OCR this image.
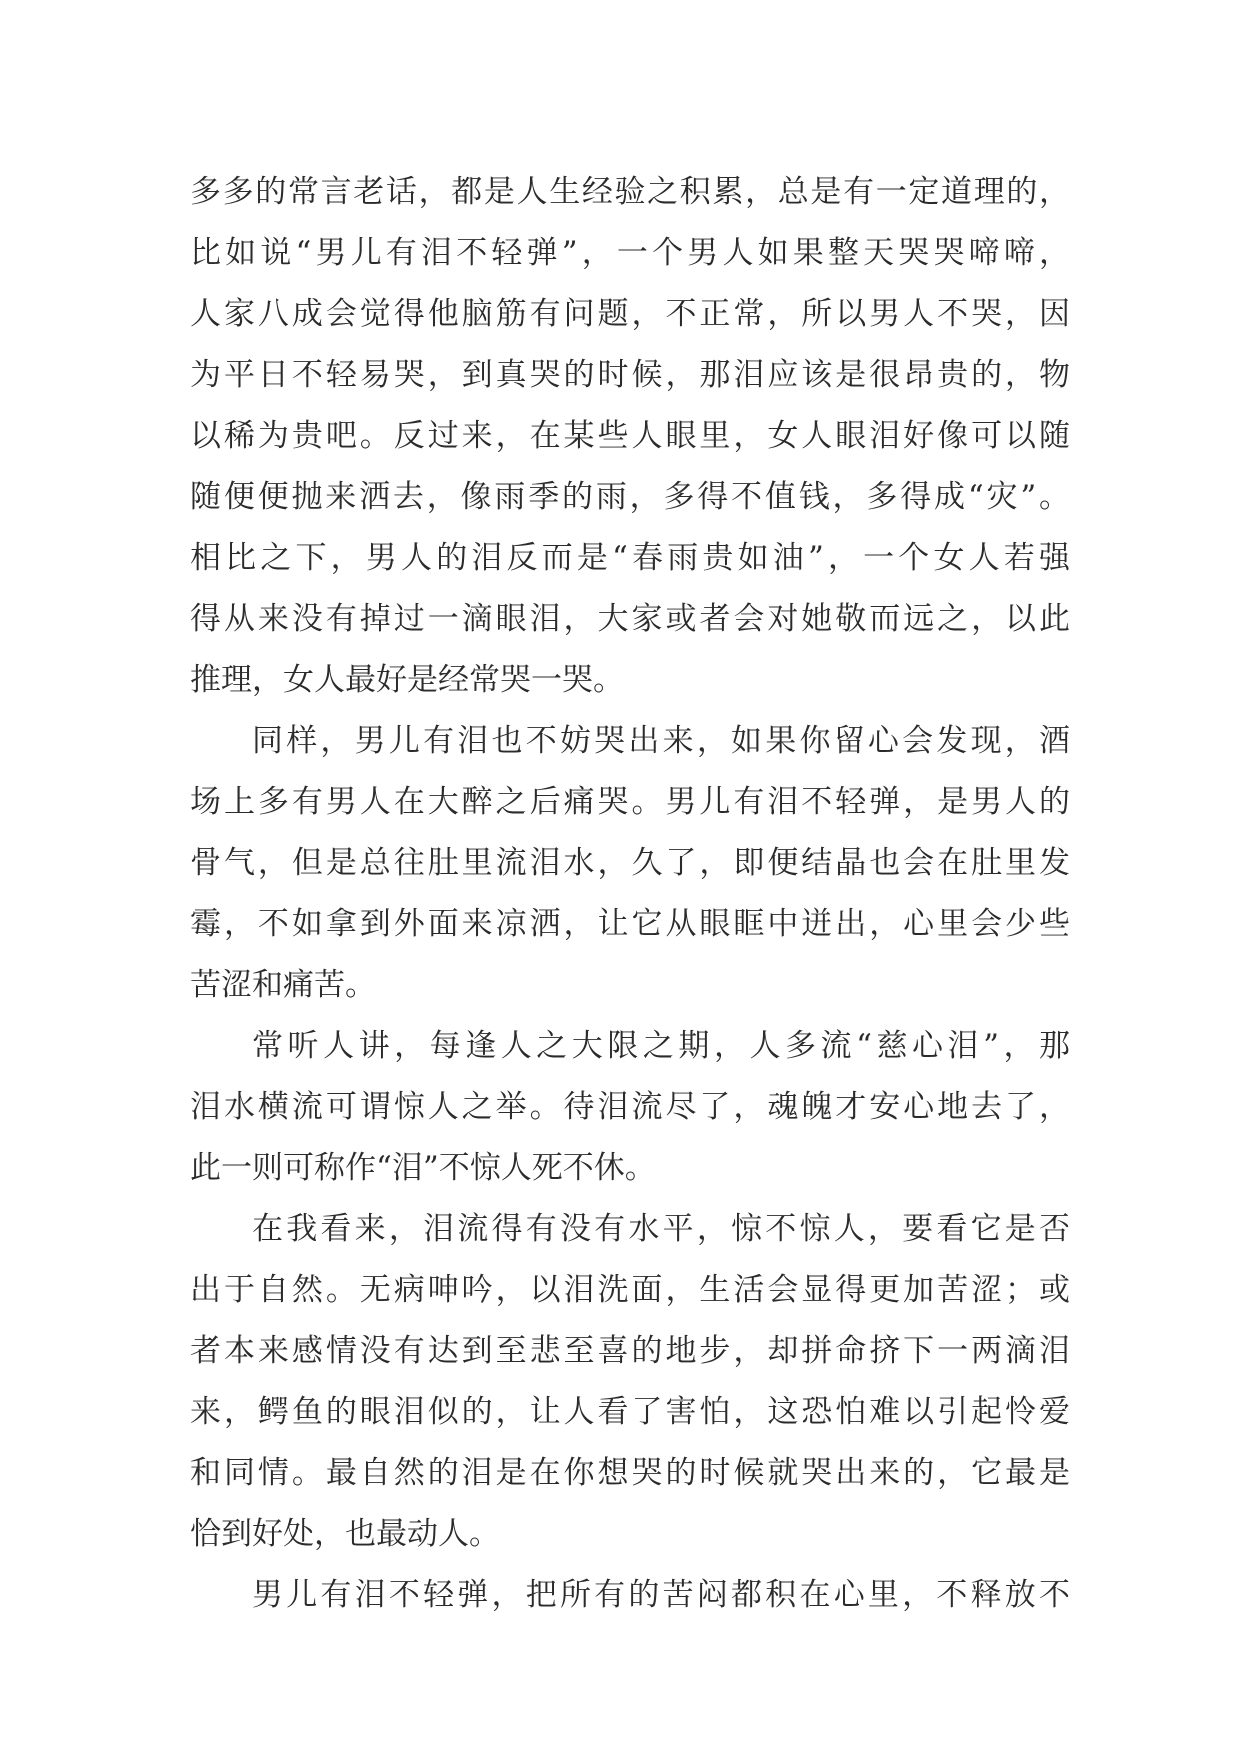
多多的常言老话，都是人生经验之积累，总是有一定道理的，
比如说“男儿有泪不轻弹”，一个男人如果整天哭哭啼啼，
人家八成会觉得他脑筋有问题，不正常，所以男人不哭，因
为平日不轻易哭，到真哭的时候，那泪应该是很昂贵的，物
以稀为贵吧。反过来，在某些人眼里，女人眼泪好像可以随
随便便抛来洒去，像雨季的雨，多得不值钱，多得成“灾”。
相比之下，男人的泪反而是“春雨贵如油”，一个女人若强
得从来没有掉过一滴眼泪，大家或者会对她敬而远之，以此
推理，女人最好是经常哭一哭。
同样，男儿有泪也不妨哭出来，如果你留心会发现，酒
场上多有男人在大醉之后痛哭。男儿有泪不轻弹，是男人的
骨气，但是总往肚里流泪水，久了，即便结晶也会在肚里发
霉，不如拿到外面来凉洒，让它从眼眶中迸出，心里会少些
苦涩和痛苦。
常听人讲，每逢人之大限之期，人多流“慈心泪”，那
泪水横流可谓惊人之举。待泪流尽了，魂魄才安心地去了，
此一则可称作“泪”不惊人死不休。
在我看来，泪流得有没有水平，惊不惊人，要看它是否
出于自然。无病呻吟，以泪洗面，生活会显得更加苦涩；或
者本来感情没有达到至悲至喜的地步，却拼命挤下一两滴泪
来，鳄鱼的眼泪似的，让人看了害怕，这恐怕难以引起怜爱
和同情。最自然的泪是在你想哭的时候就哭出来的，它最是
恰到好处，也最动人。
男儿有泪不轻弹，把所有的苦闷都积在心里，不释放不
